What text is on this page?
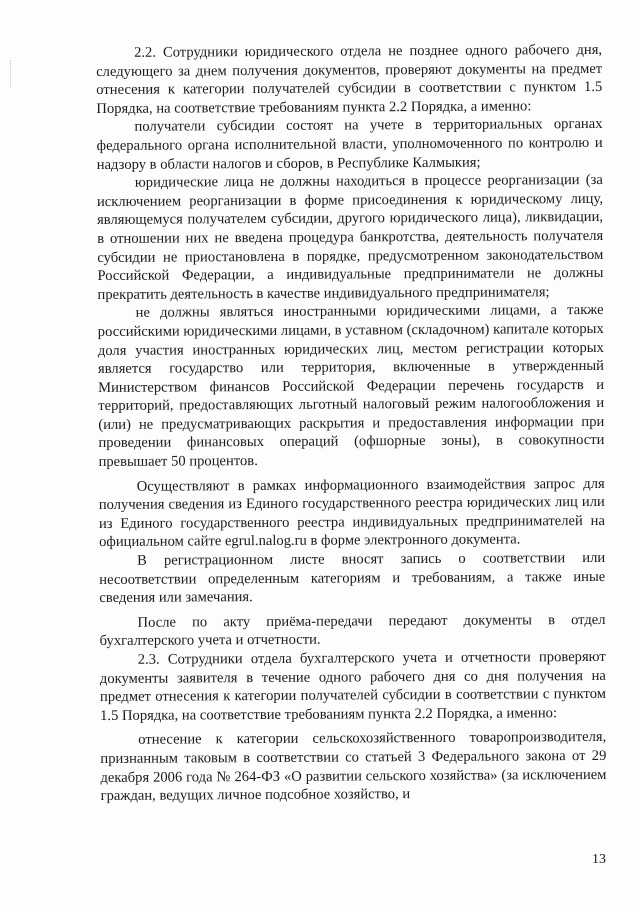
2.2. Сотрудники юридического отдела не позднее одного рабочего дня, следующего за днем получения документов, проверяют документы на предмет отнесения к категории получателей субсидии в соответствии с пунктом 1.5 Порядка, на соответствие требованиям пункта 2.2 Порядка, а именно:

получатели субсидии состоят на учете в территориальных органах федерального органа исполнительной власти, уполномоченного по контролю и надзору в области налогов и сборов, в Республике Калмыкия;

юридические лица не должны находиться в процессе реорганизации (за исключением реорганизации в форме присоединения к юридическому лицу, являющемуся получателем субсидии, другого юридического лица), ликвидации, в отношении них не введена процедура банкротства, деятельность получателя субсидии не приостановлена в порядке, предусмотренном законодательством Российской Федерации, а индивидуальные предприниматели не должны прекратить деятельность в качестве индивидуального предпринимателя;

не должны являться иностранными юридическими лицами, а также российскими юридическими лицами, в уставном (складочном) капитале которых доля участия иностранных юридических лиц, местом регистрации которых является государство или территория, включенные в утвержденный Министерством финансов Российской Федерации перечень государств и территорий, предоставляющих льготный налоговый режим налогообложения и (или) не предусматривающих раскрытия и предоставления информации при проведении финансовых операций (офшорные зоны), в совокупности превышает 50 процентов.

Осуществляют в рамках информационного взаимодействия запрос для получения сведения из Единого государственного реестра юридических лиц или из Единого государственного реестра индивидуальных предпринимателей на официальном сайте egrul.nalog.ru в форме электронного документа.

В регистрационном листе вносят запись о соответствии или несоответствии определенным категориям и требованиям, а также иные сведения или замечания.

После по акту приёма-передачи передают документы в отдел бухгалтерского учета и отчетности.

2.3. Сотрудники отдела бухгалтерского учета и отчетности проверяют документы заявителя в течение одного рабочего дня со дня получения на предмет отнесения к категории получателей субсидии в соответствии с пунктом 1.5 Порядка, на соответствие требованиям пункта 2.2 Порядка, а именно:

отнесение к категории сельскохозяйственного товаропроизводителя, признанным таковым в соответствии со статьей 3 Федерального закона от 29 декабря 2006 года № 264-ФЗ «О развитии сельского хозяйства» (за исключением граждан, ведущих личное подсобное хозяйство, и

13
